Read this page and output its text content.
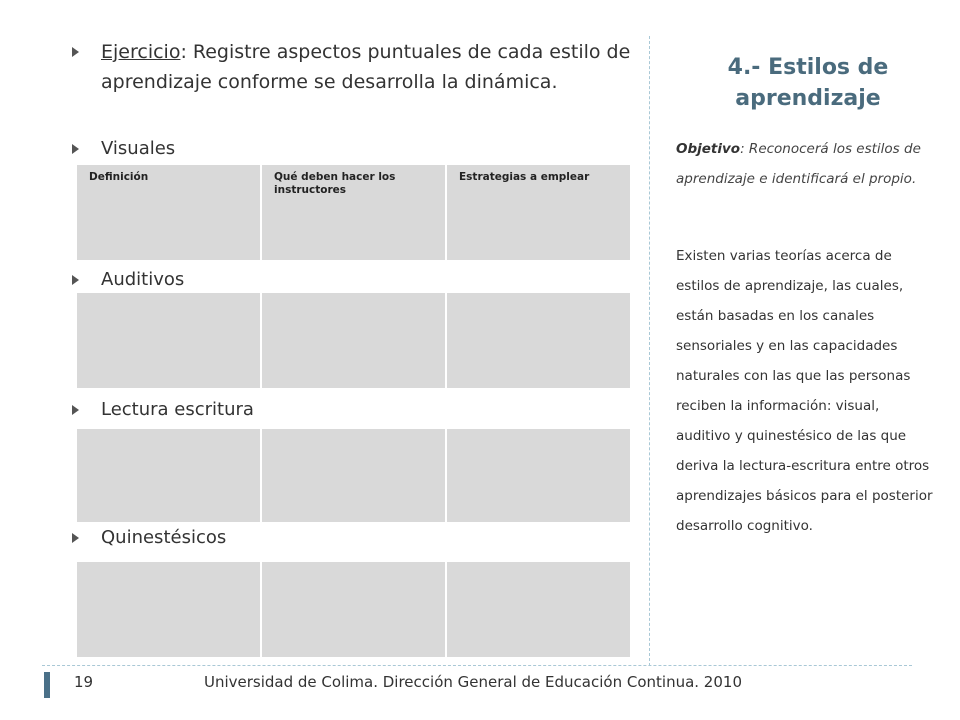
Ejercicio: Registre aspectos puntuales de cada estilo de aprendizaje conforme se desarrolla la dinámica.
Visuales
Definición	Qué deben hacer los instructores
Estrategias a emplear
Auditivos
Lectura escritura
Quinestésicos
4.- Estilos de aprendizaje
Objetivo: Reconocerá los estilos de aprendizaje e identificará el propio.
Existen varias teorías acerca de estilos de aprendizaje, las cuales, están basadas en los canales sensoriales y en las capacidades naturales con las que las personas reciben la información: visual, auditivo y quinestésico de las que deriva la lectura-escritura entre otros aprendizajes básicos para el posterior desarrollo cognitivo.
19	Universidad de Colima. Dirección General de Educación Continua. 2010
